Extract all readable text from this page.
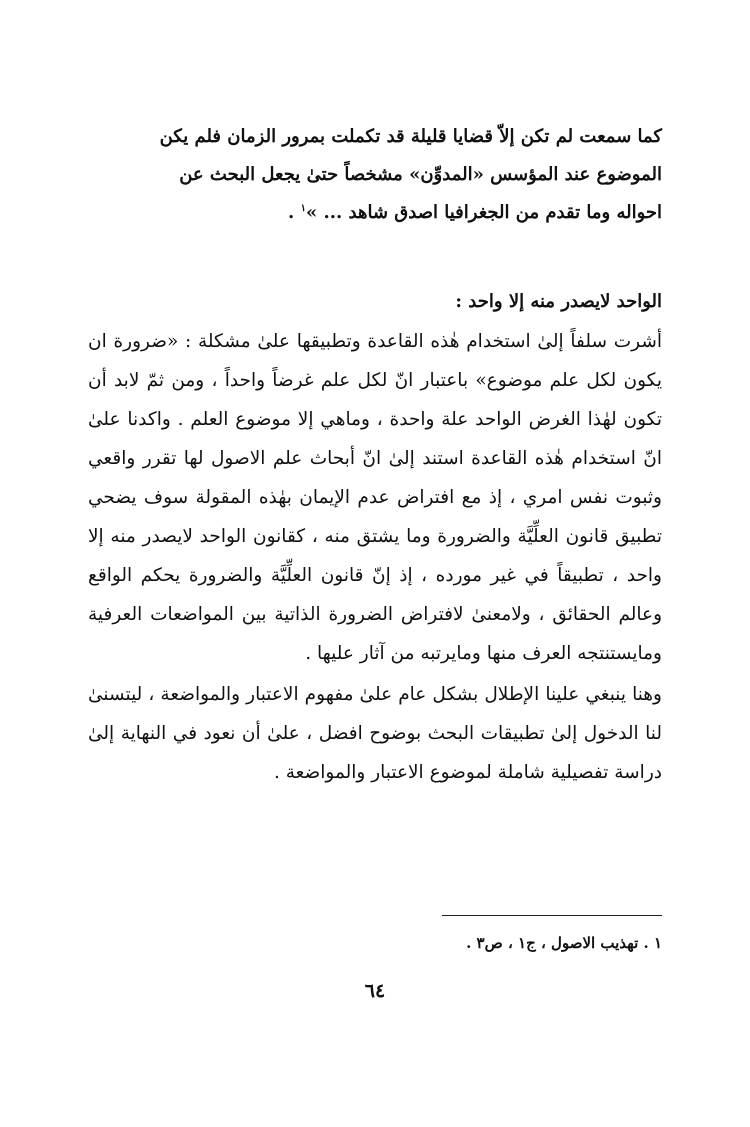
كما سمعت لم تكن إلاّ قضايا قليلة قد تكملت بمرور الزمان فلم يكن

الموضوع عند المؤسس «المدوِّن» مشخصاً حتىٰ يجعل البحث عن

احواله وما تقدم من الجغرافيا اصدق شاهد ... »$^١$ .

الواحد لايصدر منه إلا واحد :

أشرت سلفاً إلىٰ استخدام هٰذه القاعدة وتطبيقها علىٰ مشكلة : «ضرورة ان يكون لكل علم موضوع» باعتبار انّ لكل علم غرضاً واحداً ، ومن ثمّ لابد أن تكون لهٰذا الغرض الواحد علة واحدة ، وماهي إلا موضوع العلم . واكدنا علىٰ انّ استخدام هٰذه القاعدة استند إلىٰ انّ أبحاث علم الاصول لها تقرر واقعي وثبوت نفس امري ، إذ مع افتراض عدم الإيمان بهٰذه المقولة سوف يضحي تطبيق قانون العلِّيَّة والضرورة وما يشتق منه ، كقانون الواحد لايصدر منه إلا واحد ، تطبيقاً في غير مورده ، إذ إنّ قانون العلِّيَّة والضرورة يحكم الواقع وعالم الحقائق ، ولامعنىٰ لافتراض الضرورة الذاتية بين المواضعات العرفية ومايستنتجه العرف منها ومايرتبه من آثار عليها .

وهنا ينبغي علينا الإطلال بشكل عام علىٰ مفهوم الاعتبار والمواضعة ، ليتسنىٰ لنا الدخول إلىٰ تطبيقات البحث بوضوح افضل ، علىٰ أن نعود في النهاية إلىٰ دراسة تفصيلية شاملة لموضوع الاعتبار والمواضعة .

١ . تهذيب الاصول ، ج١ ، ص٣ .

٦٤
